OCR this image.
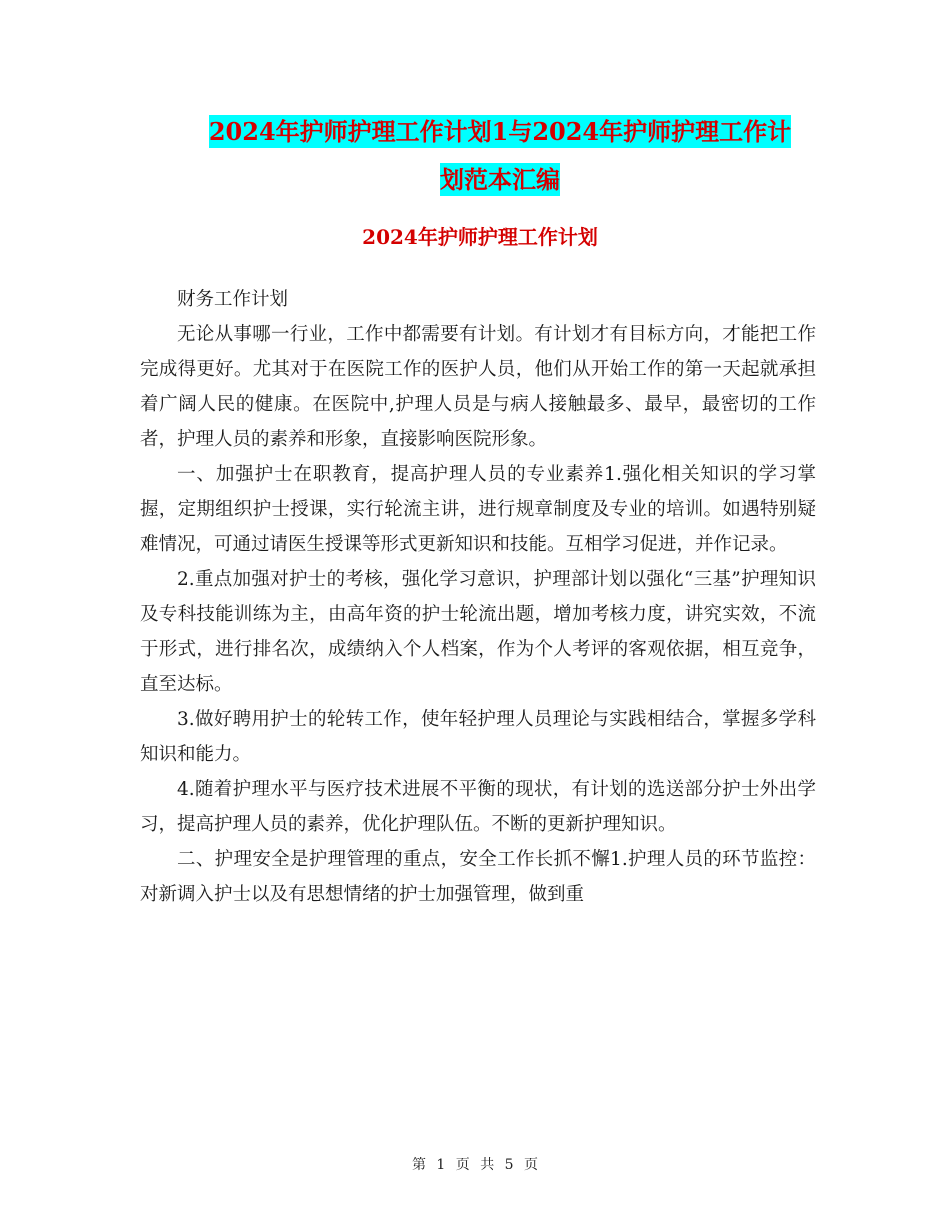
2024年护师护理工作计划1与2024年护师护理工作计
划范本汇编
2024年护师护理工作计划

财务工作计划

无论从事哪一行业，工作中都需要有计划。有计划才有目标方向，才能把工作完成得更好。尤其对于在医院工作的医护人员，他们从开始工作的第一天起就承担着广阔人民的健康。在医院中,护理人员是与病人接触最多、最早，最密切的工作者，护理人员的素养和形象，直接影响医院形象。

一、加强护士在职教育，提高护理人员的专业素养1.强化相关知识的学习掌握，定期组织护士授课，实行轮流主讲，进行规章制度及专业的培训。如遇特别疑难情况，可通过请医生授课等形式更新知识和技能。互相学习促进，并作记录。

2.重点加强对护士的考核，强化学习意识，护理部计划以强化“三基”护理知识及专科技能训练为主，由高年资的护士轮流出题，增加考核力度，讲究实效，不流于形式，进行排名次，成绩纳入个人档案，作为个人考评的客观依据，相互竞争，直至达标。

3.做好聘用护士的轮转工作，使年轻护理人员理论与实践相结合，掌握多学科知识和能力。

4.随着护理水平与医疗技术进展不平衡的现状，有计划的选送部分护士外出学习，提高护理人员的素养，优化护理队伍。不断的更新护理知识。

二、护理安全是护理管理的重点，安全工作长抓不懈1.护理人员的环节监控：对新调入护士以及有思想情绪的护士加强管理，做到重

第 1 页 共 5 页
